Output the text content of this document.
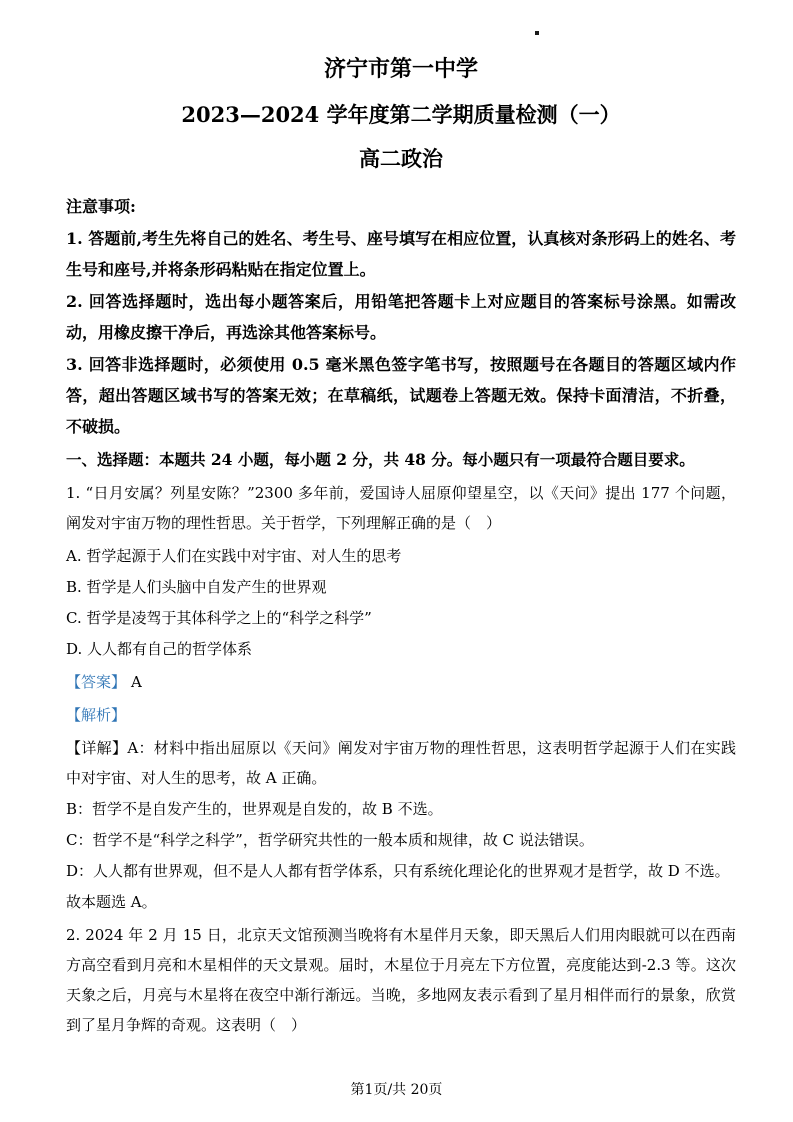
济宁市第一中学
2023—2024 学年度第二学期质量检测（一）
高二政治

注意事项:

1. 答题前,考生先将自己的姓名、考生号、座号填写在相应位置，认真核对条形码上的姓名、考生号和座号,并将条形码粘贴在指定位置上。

2. 回答选择题时，选出每小题答案后，用铅笔把答题卡上对应题目的答案标号涂黑。如需改动，用橡皮擦干净后，再选涂其他答案标号。

3. 回答非选择题时，必须使用 0.5 毫米黑色签字笔书写，按照题号在各题目的答题区域内作答，超出答题区域书写的答案无效；在草稿纸，试题卷上答题无效。保持卡面清洁，不折叠，不破损。

一、选择题：本题共 24 小题，每小题 2 分，共 48 分。每小题只有一项最符合题目要求。

1. “日月安属？列星安陈？”2300 多年前，爱国诗人屈原仰望星空，以《天问》提出 177 个问题，阐发对宇宙万物的理性哲思。关于哲学，下列理解正确的是（　）

A. 哲学起源于人们在实践中对宇宙、对人生的思考

B. 哲学是人们头脑中自发产生的世界观

C. 哲学是凌驾于其体科学之上的“科学之科学”

D. 人人都有自己的哲学体系

【答案】 A

【解析】

【详解】A：材料中指出屈原以《天问》阐发对宇宙万物的理性哲思，这表明哲学起源于人们在实践中对宇宙、对人生的思考，故 A 正确。

B：哲学不是自发产生的，世界观是自发的，故 B 不选。

C：哲学不是“科学之科学”，哲学研究共性的一般本质和规律，故 C 说法错误。

D：人人都有世界观，但不是人人都有哲学体系，只有系统化理论化的世界观才是哲学，故 D 不选。

故本题选 A。

2. 2024 年 2 月 15 日，北京天文馆预测当晚将有木星伴月天象，即天黑后人们用肉眼就可以在西南方高空看到月亮和木星相伴的天文景观。届时，木星位于月亮左下方位置，亮度能达到-2.3 等。这次天象之后，月亮与木星将在夜空中渐行渐远。当晚，多地网友表示看到了星月相伴而行的景象，欣赏到了星月争辉的奇观。这表明（　）

第1页/共 20页
